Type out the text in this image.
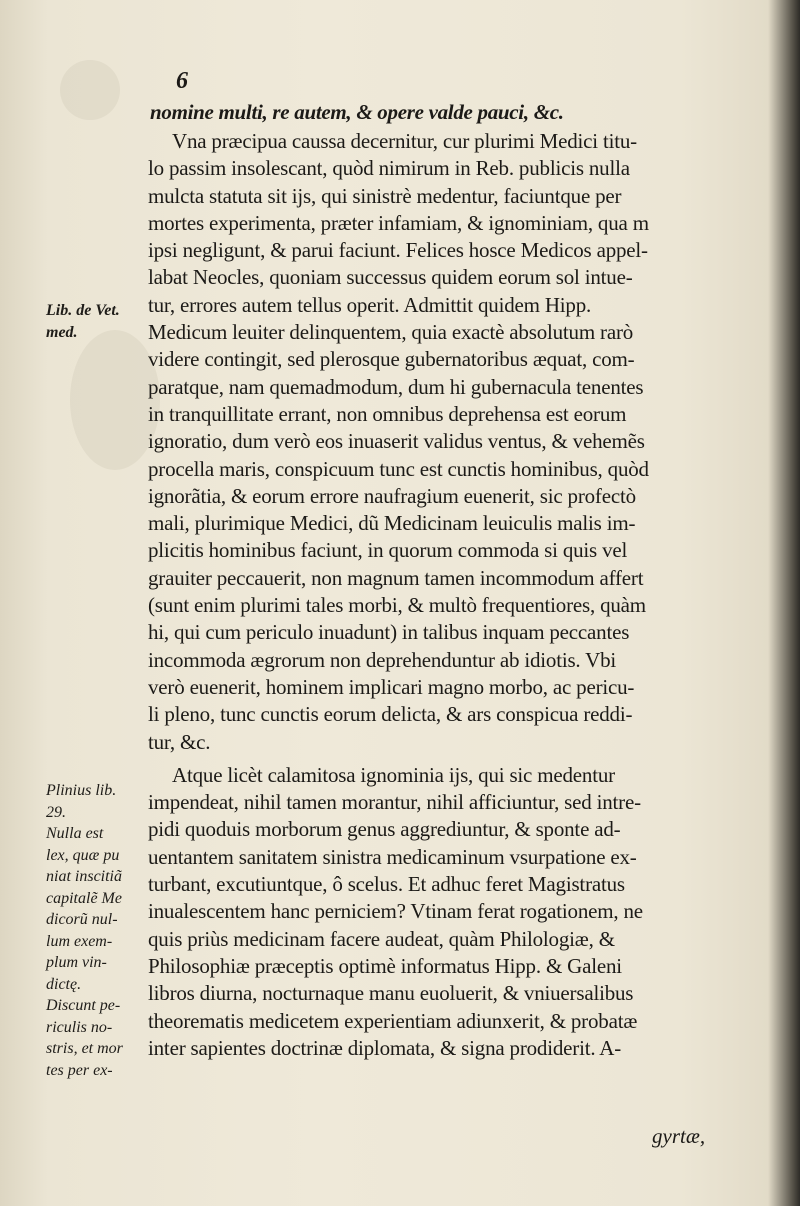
6
nomine multi, re autem, & opere valde pauci, &c.
Lib. de Vet.
med.
Plinius lib.
29.
Nulla est
lex, quæ pu
niat inscitiã
capitalẽ Me
dicorũ nul-
lum exem-
plum vin-
dictę.
Discunt pe-
riculis no-
stris, et mor
tes per ex-
Vna præcipua caussa decernitur, cur plurimi Medici titu-
lo passim insolescant, quòd nimirum in Reb. publicis nulla
mulcta statuta sit ijs, qui sinistrè medentur, faciuntque per
mortes experimenta, præter infamiam, & ignominiam, qua m
ipsi negligunt, & parui faciunt. Felices hosce Medicos appel-
labat Neocles, quoniam successus quidem eorum sol intue-
tur, errores autem tellus operit. Admittit quidem Hipp.
Medicum leuiter delinquentem, quia exactè absolutum rarò
videre contingit, sed plerosque gubernatoribus æquat, com-
paratque, nam quemadmodum, dum hi gubernacula tenentes
in tranquillitate errant, non omnibus deprehensa est eorum
ignoratio, dum verò eos inuaserit validus ventus, & vehemẽs
procella maris, conspicuum tunc est cunctis hominibus, quòd
ignorãtia, & eorum errore naufragium euenerit, sic profectò
mali, plurimique Medici, dũ Medicinam leuiculis malis im-
plicitis hominibus faciunt, in quorum commoda si quis vel
grauiter peccauerit, non magnum tamen incommodum affert
(sunt enim plurimi tales morbi, & multò frequentiores, quàm
hi, qui cum periculo inuadunt) in talibus inquam peccantes
incommoda ægrorum non deprehenduntur ab idiotis. Vbi
verò euenerit, hominem implicari magno morbo, ac pericu-
li pleno, tunc cunctis eorum delicta, & ars conspicua reddi-
tur, &c.
Atque licèt calamitosa ignominia ijs, qui sic medentur
impendeat, nihil tamen morantur, nihil afficiuntur, sed intre-
pidi quoduis morborum genus aggrediuntur, & sponte ad-
uentantem sanitatem sinistra medicaminum vsurpatione ex-
turbant, excutiuntque, ô scelus. Et adhuc feret Magistratus
inualescentem hanc perniciem? Vtinam ferat rogationem, ne
quis priùs medicinam facere audeat, quàm Philologiæ, &
Philosophiæ præceptis optimè informatus Hipp. & Galeni
libros diurna, nocturnaque manu euoluerit, & vniuersalibus
theorematis medicetem experientiam adiunxerit, & probatæ
inter sapientes doctrinæ diplomata, & signa prodiderit. A-
gyrtæ,
